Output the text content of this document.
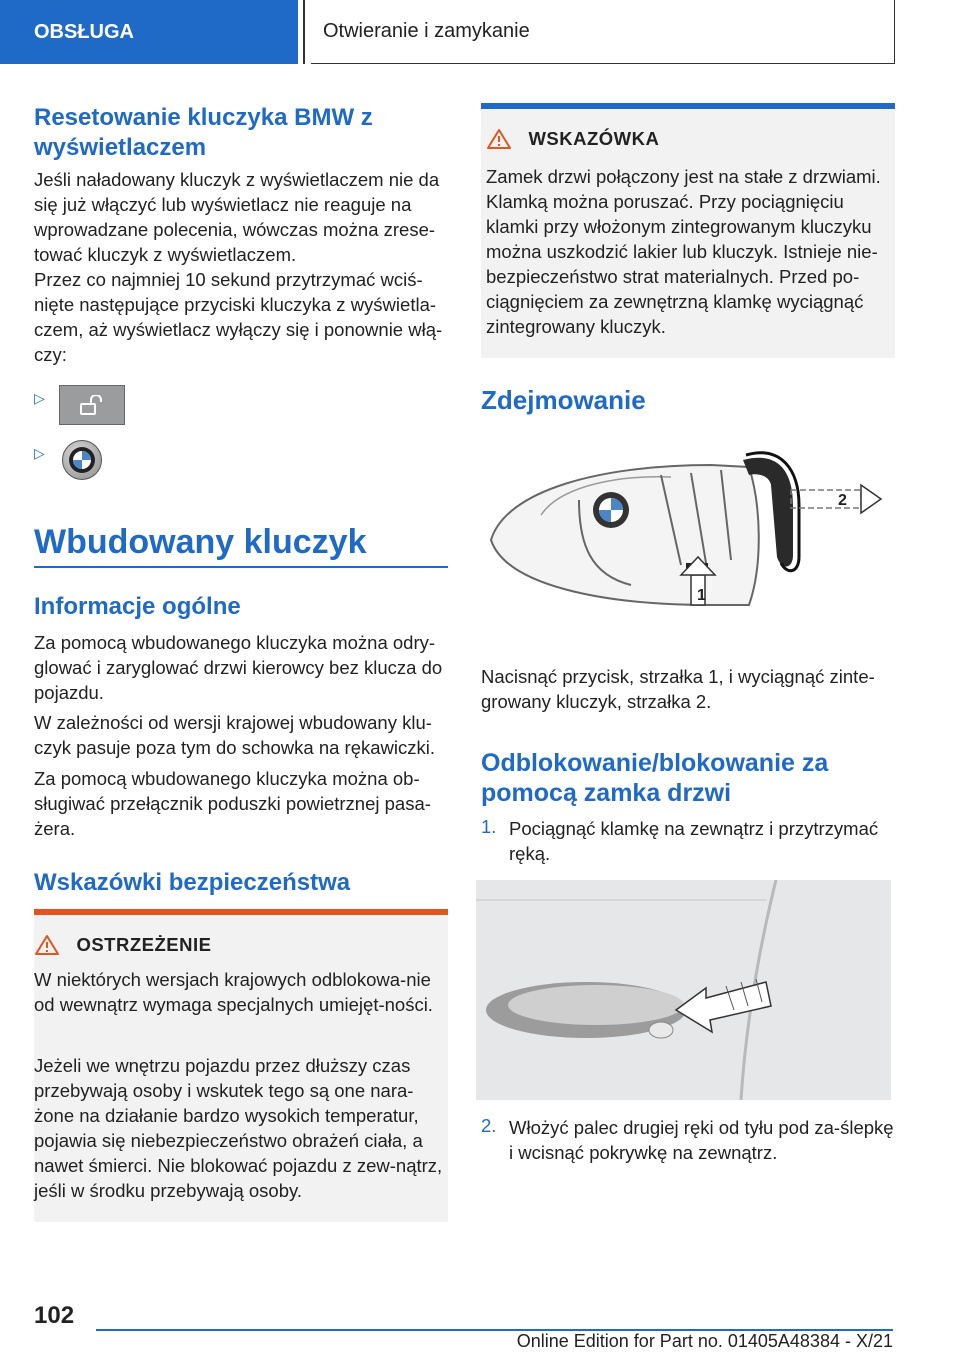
OBSŁUGA	Otwieranie i zamykanie
Resetowanie kluczyka BMW z wyświetlaczem
Jeśli naładowany kluczyk z wyświetlaczem nie da się już włączyć lub wyświetlacz nie reaguje na wprowadzane polecenia, wówczas można zrese-tować kluczyk z wyświetlaczem.
Przez co najmniej 10 sekund przytrzymać wciś-nięte następujące przyciski kluczyka z wyświetla-czem, aż wyświetlacz wyłączy się i ponownie włą-czy:
▷
▷
Wbudowany kluczyk
Informacje ogólne
Za pomocą wbudowanego kluczyka można odry-glować i zaryglować drzwi kierowcy bez klucza do pojazdu.
W zależności od wersji krajowej wbudowany klu-czyk pasuje poza tym do schowka na rękawiczki.
Za pomocą wbudowanego kluczyka można ob-sługiwać przełącznik poduszki powietrznej pasa-żera.
Wskazówki bezpieczeństwa
OSTRZEŻENIE
W niektórych wersjach krajowych odblokowa-nie od wewnątrz wymaga specjalnych umiejęt-ności.
Jeżeli we wnętrzu pojazdu przez dłuższy czas przebywają osoby i wskutek tego są one nara-żone na działanie bardzo wysokich temperatur, pojawia się niebezpieczeństwo obrażeń ciała, a nawet śmierci. Nie blokować pojazdu z zew-nątrz, jeśli w środku przebywają osoby.
WSKAZÓWKA
Zamek drzwi połączony jest na stałe z drzwiami. Klamką można poruszać. Przy pociągnięciu klamki przy włożonym zintegrowanym kluczyku można uszkodzić lakier lub kluczyk. Istnieje nie-bezpieczeństwo strat materialnych. Przed po-ciągnięciem za zewnętrzną klamkę wyciągnąć zintegrowany kluczyk.
Zdejmowanie
1
2
Nacisnąć przycisk, strzałka 1, i wyciągnąć zinte-growany kluczyk, strzałka 2.
Odblokowanie/blokowanie za pomocą zamka drzwi
1. Pociągnąć klamkę na zewnątrz i przytrzymać ręką.
2. Włożyć palec drugiej ręki od tyłu pod za-ślepkę i wcisnąć pokrywkę na zewnątrz.
102
Online Edition for Part no. 01405A48384 - X/21
